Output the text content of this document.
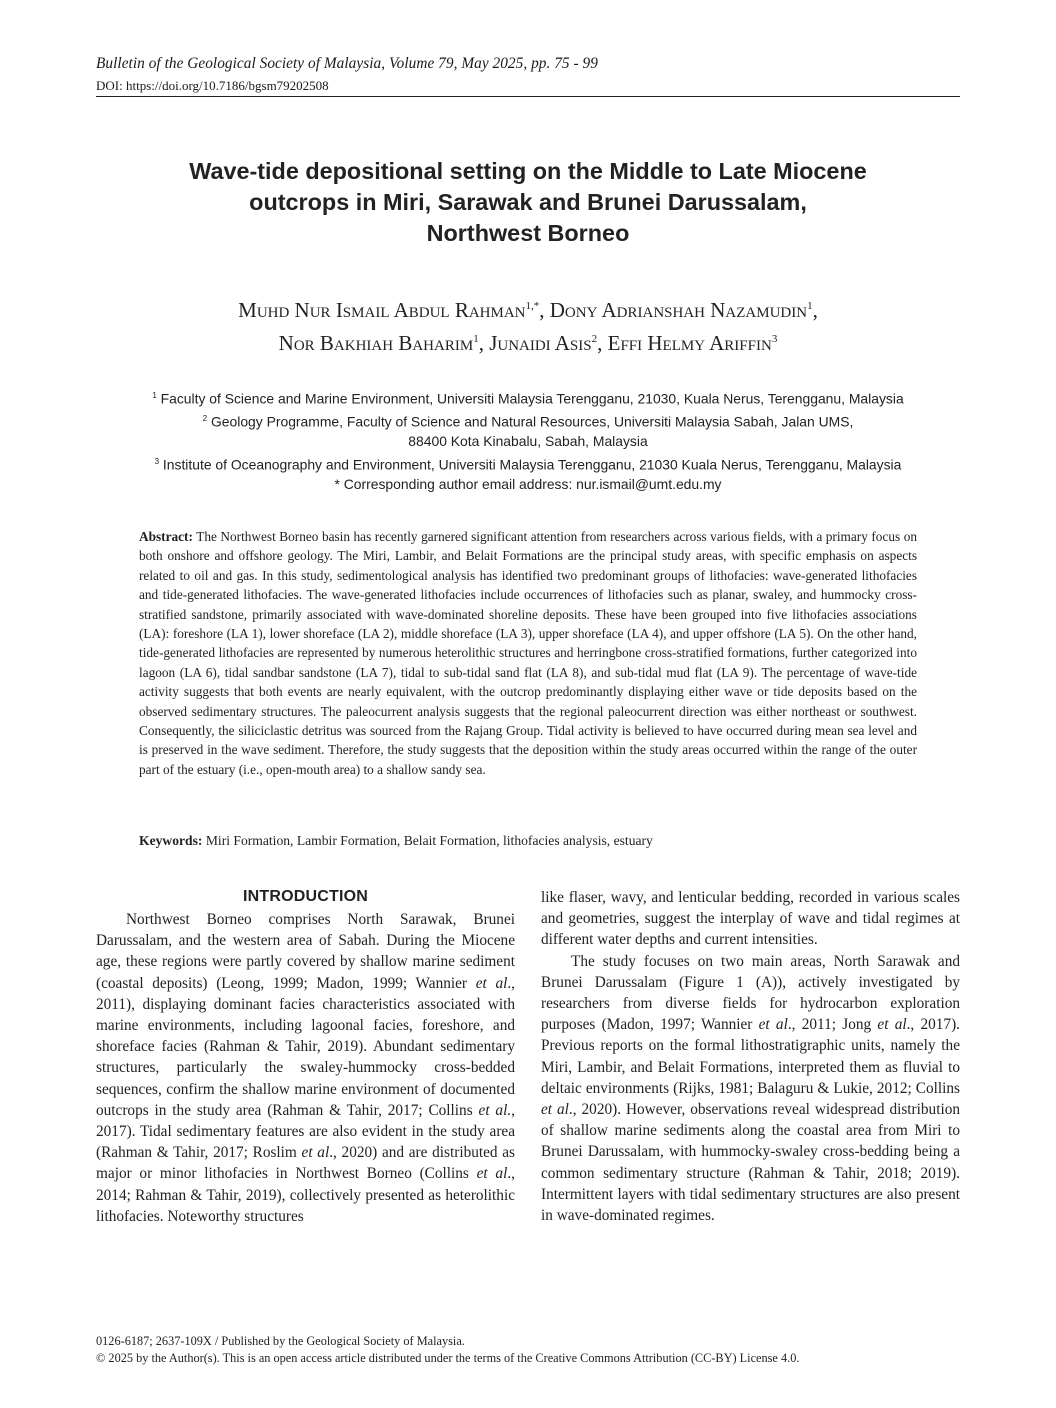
Bulletin of the Geological Society of Malaysia, Volume 79, May 2025, pp. 75 - 99
DOI: https://doi.org/10.7186/bgsm79202508
Wave-tide depositional setting on the Middle to Late Miocene
outcrops in Miri, Sarawak and Brunei Darussalam,
Northwest Borneo
Muhd Nur Ismail Abdul Rahman$^{1,*}$, Dony Adrianshah Nazamudin$^1$,
Nor Bakhiah Baharim$^1$, Junaidi Asis$^2$, Effi Helmy Ariffin$^3$
$^1$ Faculty of Science and Marine Environment, Universiti Malaysia Terengganu, 21030, Kuala Nerus, Terengganu, Malaysia
$^2$ Geology Programme, Faculty of Science and Natural Resources, Universiti Malaysia Sabah, Jalan UMS,
88400 Kota Kinabalu, Sabah, Malaysia
$^3$ Institute of Oceanography and Environment, Universiti Malaysia Terengganu, 21030 Kuala Nerus, Terengganu, Malaysia
* Corresponding author email address: nur.ismail@umt.edu.my
Abstract: The Northwest Borneo basin has recently garnered significant attention from researchers across various fields, with a primary focus on both onshore and offshore geology. The Miri, Lambir, and Belait Formations are the principal study areas, with specific emphasis on aspects related to oil and gas. In this study, sedimentological analysis has identified two predominant groups of lithofacies: wave-generated lithofacies and tide-generated lithofacies. The wave-generated lithofacies include occurrences of lithofacies such as planar, swaley, and hummocky cross-stratified sandstone, primarily associated with wave-dominated shoreline deposits. These have been grouped into five lithofacies associations (LA): foreshore (LA 1), lower shoreface (LA 2), middle shoreface (LA 3), upper shoreface (LA 4), and upper offshore (LA 5). On the other hand, tide-generated lithofacies are represented by numerous heterolithic structures and herringbone cross-stratified formations, further categorized into lagoon (LA 6), tidal sandbar sandstone (LA 7), tidal to sub-tidal sand flat (LA 8), and sub-tidal mud flat (LA 9). The percentage of wave-tide activity suggests that both events are nearly equivalent, with the outcrop predominantly displaying either wave or tide deposits based on the observed sedimentary structures. The paleocurrent analysis suggests that the regional paleocurrent direction was either northeast or southwest. Consequently, the siliciclastic detritus was sourced from the Rajang Group. Tidal activity is believed to have occurred during mean sea level and is preserved in the wave sediment. Therefore, the study suggests that the deposition within the study areas occurred within the range of the outer part of the estuary (i.e., open-mouth area) to a shallow sandy sea.
Keywords: Miri Formation, Lambir Formation, Belait Formation, lithofacies analysis, estuary
INTRODUCTION

Northwest Borneo comprises North Sarawak, Brunei Darussalam, and the western area of Sabah. During the Miocene age, these regions were partly covered by shallow marine sediment (coastal deposits) (Leong, 1999; Madon, 1999; Wannier et al., 2011), displaying dominant facies characteristics associated with marine environments, including lagoonal facies, foreshore, and shoreface facies (Rahman & Tahir, 2019). Abundant sedimentary structures, particularly the swaley-hummocky cross-bedded sequences, confirm the shallow marine environment of documented outcrops in the study area (Rahman & Tahir, 2017; Collins et al., 2017). Tidal sedimentary features are also evident in the study area (Rahman & Tahir, 2017; Roslim et al., 2020) and are distributed as major or minor lithofacies in Northwest Borneo (Collins et al., 2014; Rahman & Tahir, 2019), collectively presented as heterolithic lithofacies. Noteworthy structures

like flaser, wavy, and lenticular bedding, recorded in various scales and geometries, suggest the interplay of wave and tidal regimes at different water depths and current intensities.

The study focuses on two main areas, North Sarawak and Brunei Darussalam (Figure 1 (A)), actively investigated by researchers from diverse fields for hydrocarbon exploration purposes (Madon, 1997; Wannier et al., 2011; Jong et al., 2017). Previous reports on the formal lithostratigraphic units, namely the Miri, Lambir, and Belait Formations, interpreted them as fluvial to deltaic environments (Rijks, 1981; Balaguru & Lukie, 2012; Collins et al., 2020). However, observations reveal widespread distribution of shallow marine sediments along the coastal area from Miri to Brunei Darussalam, with hummocky-swaley cross-bedding being a common sedimentary structure (Rahman & Tahir, 2018; 2019). Intermittent layers with tidal sedimentary structures are also present in wave-dominated regimes.

0126-6187; 2637-109X / Published by the Geological Society of Malaysia.
© 2025 by the Author(s). This is an open access article distributed under the terms of the Creative Commons Attribution (CC-BY) License 4.0.
